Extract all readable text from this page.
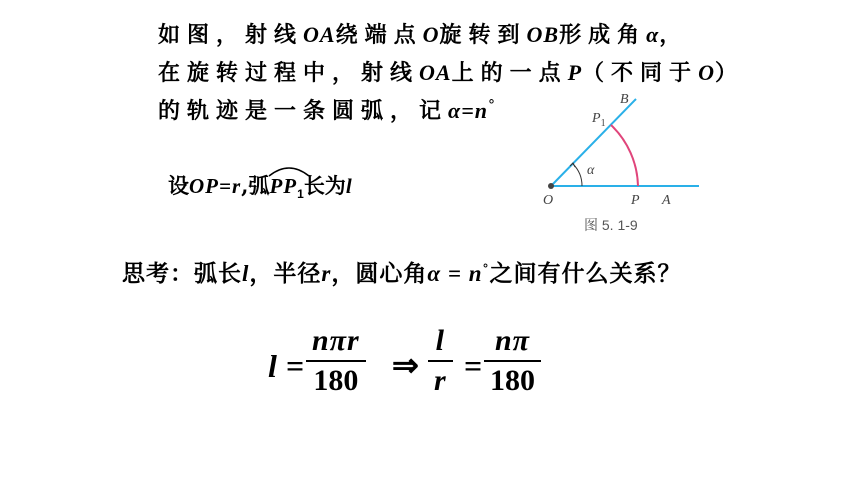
如图，射线OA绕端点O旋转到OB形成角α，
在旋转过程中，射线OA上的一点P（不同于O）
的轨迹是一条圆弧，记α=n°
设OP=r,弧
$PP_1$长为l
B
$P_1$
α
O	P A
图 5. 1-9
思考：弧长l，半径r，圆心角α = n°之间有什么关系？
l =
nπr
180 ⇒
l
r =
nπ
180
